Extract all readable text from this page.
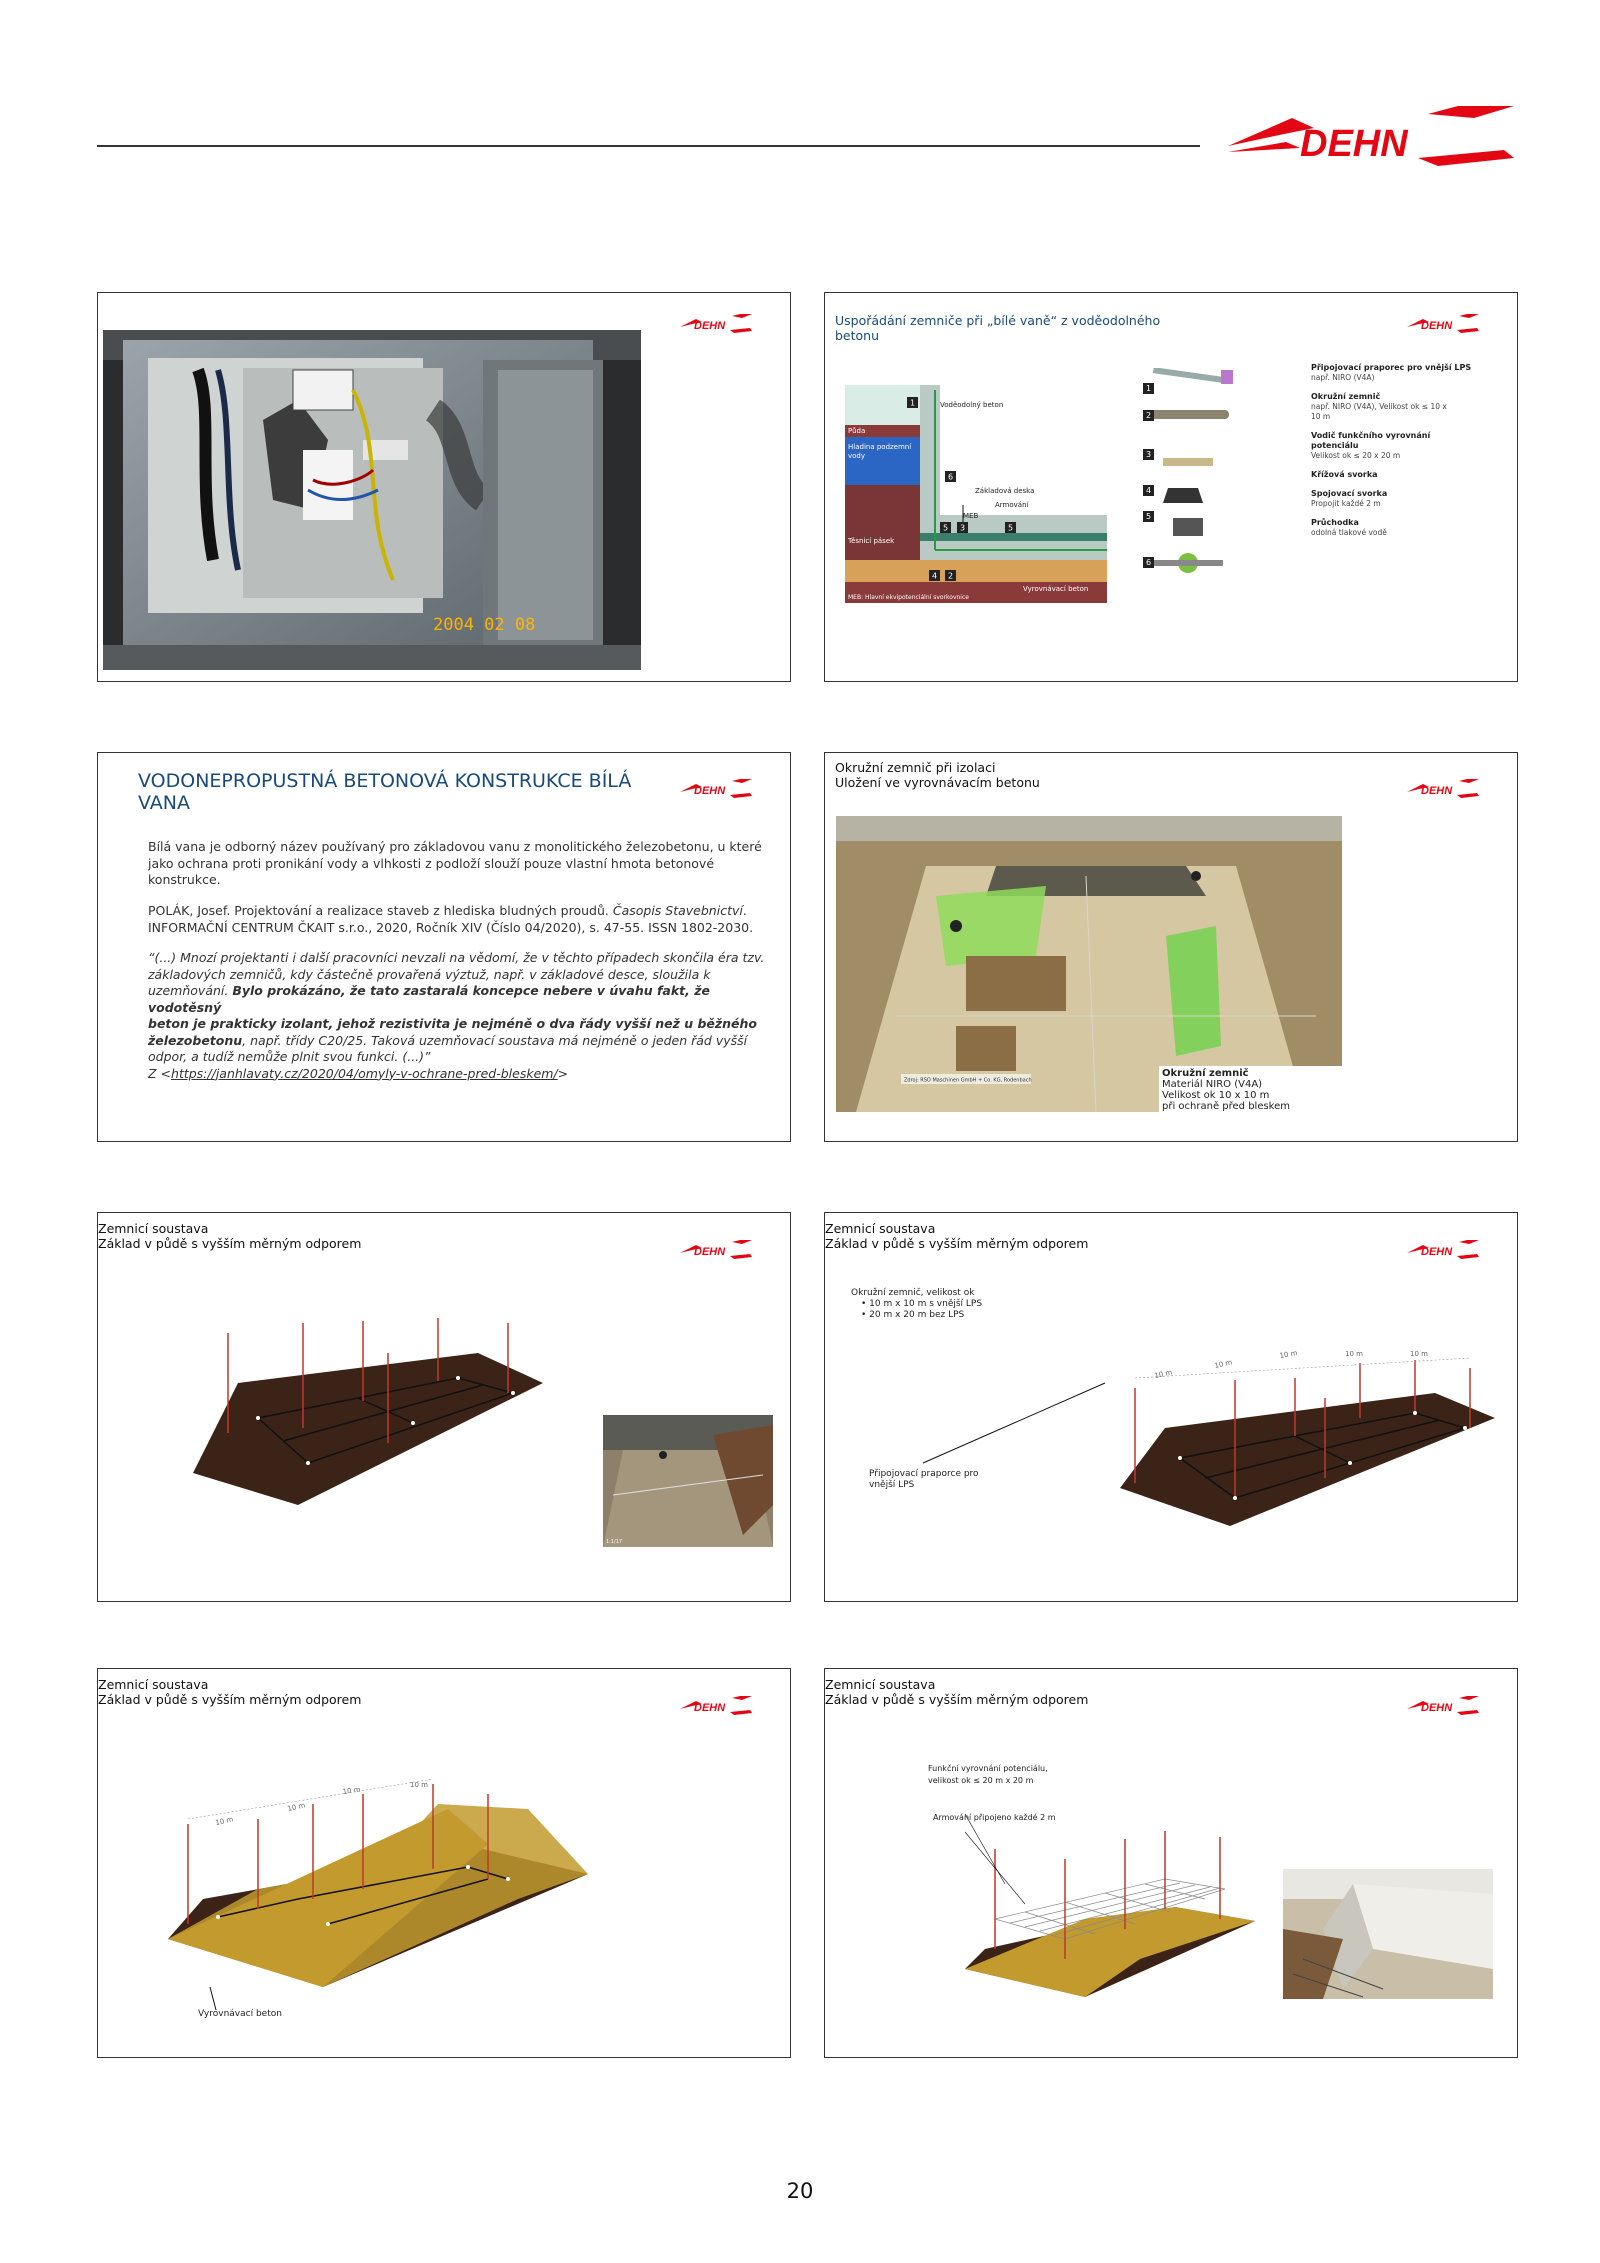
DEHN
DEHN
2004 02 08
Uspořádání zemniče při „bílé vaně“ z voděodolného
betonu
DEHN
Voděodolný beton
Půda
Hladina podzemní
vody
Základová deska
Armování
MEB
Těsnicí pásek
Vyrovnávací beton
MEB: Hlavní ekvipotenciální svorkovnice
1
6
5 3	5
4 2
1
2
3
4
5
6
Připojovací praporec pro vnější LPS
např. NIRO (V4A)
Okružní zemnič
např. NIRO (V4A), Velikost ok ≤ 10 x
10 m
Vodič funkčního vyrovnání
potenciálu
Velikost ok ≤ 20 x 20 m
Křížová svorka
Spojovací svorka
Propojit každé 2 m
Průchodka
odolná tlakové vodě
VODONEPROPUSTNÁ BETONOVÁ KONSTRUKCE BÍLÁ
VANA
DEHN
Bílá vana je odborný název používaný pro základovou vanu z monolitického železobetonu, u které
jako ochrana proti pronikání vody a vlhkosti z podloží slouží pouze vlastní hmota betonové
konstrukce.
POLÁK, Josef. Projektování a realizace staveb z hlediska bludných proudů. Časopis Stavebnictví.
INFORMAČNÍ CENTRUM ČKAIT s.r.o., 2020, Ročník XIV (Číslo 04/2020), s. 47-55. ISSN 1802-2030.
“(...) Mnozí projektanti i další pracovníci nevzali na vědomí, že v těchto případech skončila éra tzv.
základových zemničů, kdy částečně provařená výztuž, např. v základové desce, sloužila k
uzemňování. Bylo prokázáno, že tato zastaralá koncepce nebere v úvahu fakt, že vodotěsný
beton je prakticky izolant, jehož rezistivita je nejméně o dva řády vyšší než u běžného
železobetonu, např. třídy C20/25. Taková uzemňovací soustava má nejméně o jeden řád vyšší
odpor, a tudíž nemůže plnit svou funkci. (...)”
Z <https://janhlavaty.cz/2020/04/omyly-v-ochrane-pred-bleskem/>
Okružní zemnič při izolaci
Uložení ve vyrovnávacím betonu
DEHN
Zdroj: RSO Maschinen GmbH + Co. KG, Rodenbach
Okružní zemnič
Materiál NIRO (V4A)
Velikost ok 10 x 10 m
při ochraně před bleskem
Zemnicí soustava
Základ v půdě s vyšším měrným odporem
DEHN
1:1/17
Zemnicí soustava
Základ v půdě s vyšším měrným odporem
DEHN
Okružní zemnič, velikost ok
• 10 m x 10 m s vnější LPS
• 20 m x 20 m bez LPS
10 m
10 m
10 m	10 m	10 m
Připojovací praporce pro
vnější LPS
Zemnicí soustava
Základ v půdě s vyšším měrným odporem
DEHN
10 m
10 m
10 m
10 m
Vyrovnávací beton
Zemnicí soustava
Základ v půdě s vyšším měrným odporem
DEHN
Funkční vyrovnání potenciálu,
velikost ok ≤ 20 m x 20 m
Armování připojeno každé 2 m
20
